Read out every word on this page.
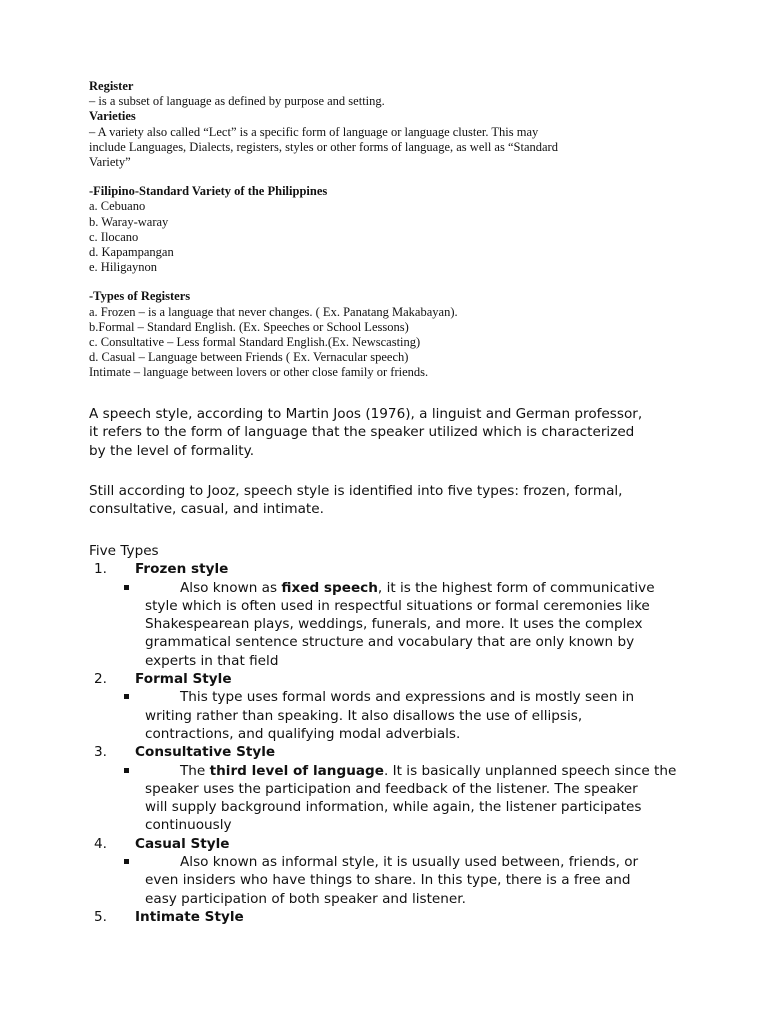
Register
– is a subset of language as defined by purpose and setting.
Varieties
– A variety also called “Lect” is a specific form of language or language cluster. This may
include Languages, Dialects, registers, styles or other forms of language, as well as “Standard
Variety”
-Filipino-Standard Variety of the Philippines
a. Cebuano
b. Waray-waray
c. Ilocano
d. Kapampangan
e. Hiligaynon
-Types of Registers
a. Frozen – is a language that never changes. ( Ex. Panatang Makabayan).
b.Formal – Standard English. (Ex. Speeches or School Lessons)
c. Consultative – Less formal Standard English.(Ex. Newscasting)
d. Casual – Language between Friends ( Ex. Vernacular speech)
Intimate – language between lovers or other close family or friends.
A speech style, according to Martin Joos (1976), a linguist and German professor,
it refers to the form of language that the speaker utilized which is characterized
by the level of formality.
Still according to Jooz, speech style is identified into five types: frozen, formal,
consultative, casual, and intimate.
Five Types
1. Frozen style
Also known as fixed speech, it is the highest form of communicative
style which is often used in respectful situations or formal ceremonies like
Shakespearean plays, weddings, funerals, and more. It uses the complex
grammatical sentence structure and vocabulary that are only known by
experts in that field
2. Formal Style
This type uses formal words and expressions and is mostly seen in
writing rather than speaking. It also disallows the use of ellipsis,
contractions, and qualifying modal adverbials.
3. Consultative Style
The third level of language. It is basically unplanned speech since the
speaker uses the participation and feedback of the listener. The speaker
will supply background information, while again, the listener participates
continuously
4. Casual Style
Also known as informal style, it is usually used between, friends, or
even insiders who have things to share. In this type, there is a free and
easy participation of both speaker and listener.
5. Intimate Style
